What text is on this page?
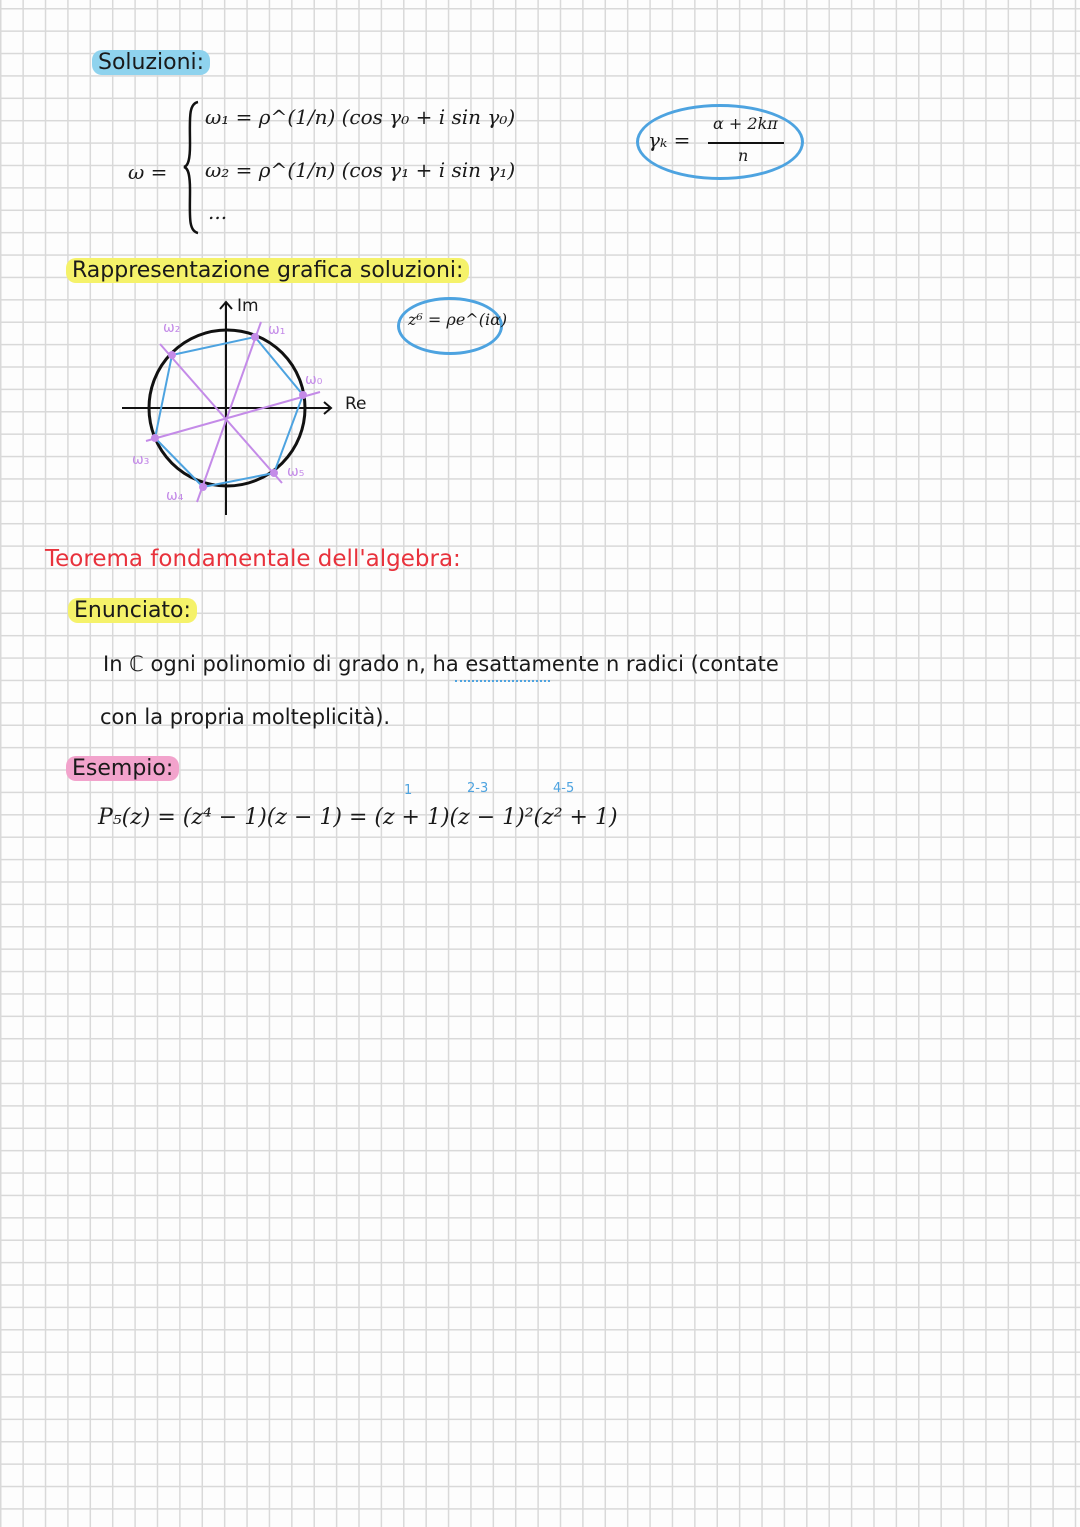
Soluzioni:
ω =
ω₁ = ρ^(1/n) (cos γ₀ + i sin γ₀)
ω₂ = ρ^(1/n) (cos γ₁ + i sin γ₁)
...
γₖ =
α + 2kπ
n
Rappresentazione grafica soluzioni:
z⁶ = ρe^(iα)
Im
Re
ω₀
ω₁
ω₂
ω₃
ω₄
ω₅
Teorema fondamentale dell'algebra:
Enunciato:
In ℂ ogni polinomio di grado n, ha esattamente n radici (contate
con la propria molteplicità).
Esempio:
1	2-3	4-5
P₅(z) = (z⁴ − 1)(z − 1) = (z + 1)(z − 1)²(z² + 1)
